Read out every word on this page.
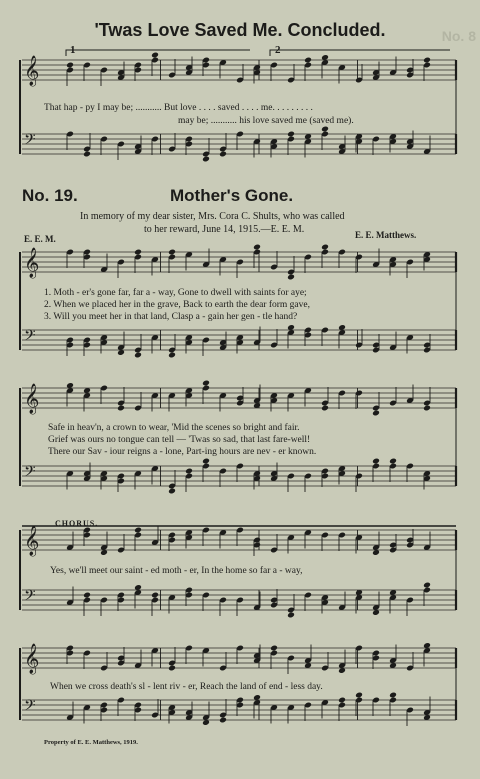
𝄞
𝄢
𝄞
𝄢
𝄞
𝄢
𝄞
𝄢
𝄞
𝄢
No. 8
'Twas Love Saved Me. Concluded.
1	2
That hap - py I may be; ........... But love . . . . saved . . . . me. . . . . . . . .
may be; ........... his love saved me (saved me).
No. 19.	Mother's Gone.
In memory of my dear sister, Mrs. Cora C. Shults, who was called
to her reward, June 14, 1915.—E. E. M.
E. E. M.	E. E. Matthews.
1. Moth - er's gone far, far a - way, Gone to dwell with saints for aye;
2. When we placed her in the grave, Back to earth the dear form gave,
3. Will you meet her in that land, Clasp a - gain her gen - tle hand?
Safe in heav'n, a crown to wear, 'Mid the scenes so bright and fair.
Grief was ours no tongue can tell — 'Twas so sad, that last fare-well!
There our Sav - iour reigns a - lone, Part-ing hours are nev - er known.
CHORUS.
Yes, we'll meet our saint - ed moth - er, In the home so far a - way,
When we cross death's sl - lent riv - er, Reach the land of end - less day.
Property of E. E. Matthews, 1919.
